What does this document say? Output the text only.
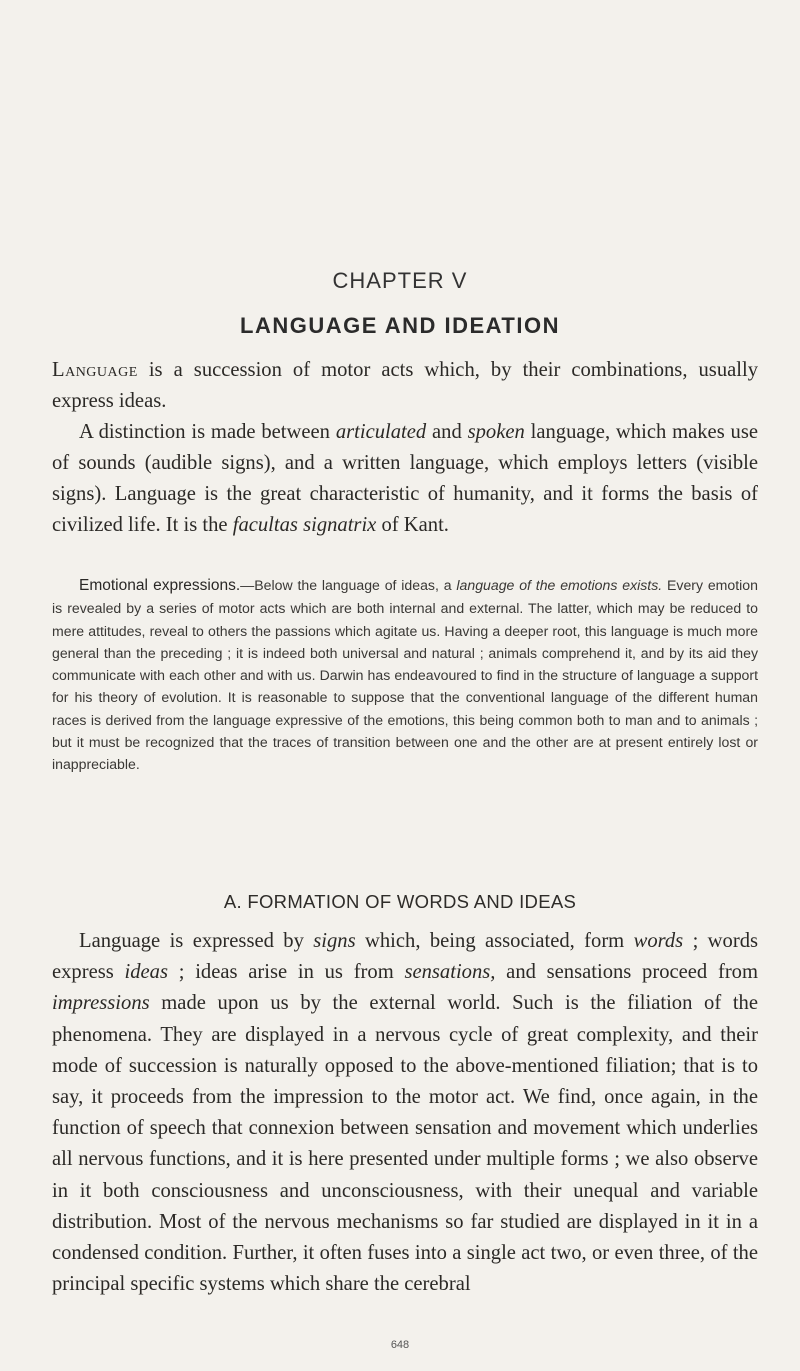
CHAPTER V
LANGUAGE AND IDEATION

Language is a succession of motor acts which, by their combinations, usually express ideas.

A distinction is made between articulated and spoken language, which makes use of sounds (audible signs), and a written language, which employs letters (visible signs). Language is the great characteristic of humanity, and it forms the basis of civilized life. It is the facultas signatrix of Kant.

Emotional expressions.—Below the language of ideas, a language of the emotions exists. Every emotion is revealed by a series of motor acts which are both internal and external. The latter, which may be reduced to mere attitudes, reveal to others the passions which agitate us. Having a deeper root, this language is much more general than the preceding ; it is indeed both universal and natural ; animals comprehend it, and by its aid they communicate with each other and with us. Darwin has endeavoured to find in the structure of language a support for his theory of evolution. It is reasonable to suppose that the conventional language of the different human races is derived from the language expressive of the emotions, this being common both to man and to animals ; but it must be recognized that the traces of transition between one and the other are at present entirely lost or inappreciable.

A. FORMATION OF WORDS AND IDEAS
Language is expressed by signs which, being associated, form words ; words express ideas ; ideas arise in us from sensations, and sensations proceed from impressions made upon us by the external world. Such is the filiation of the phenomena. They are displayed in a nervous cycle of great complexity, and their mode of succession is naturally opposed to the above-mentioned filiation; that is to say, it proceeds from the impression to the motor act. We find, once again, in the function of speech that connexion between sensation and movement which underlies all nervous functions, and it is here presented under multiple forms ; we also observe in it both consciousness and unconsciousness, with their unequal and variable distribution. Most of the nervous mechanisms so far studied are displayed in it in a condensed condition. Further, it often fuses into a single act two, or even three, of the principal specific systems which share the cerebral
648
